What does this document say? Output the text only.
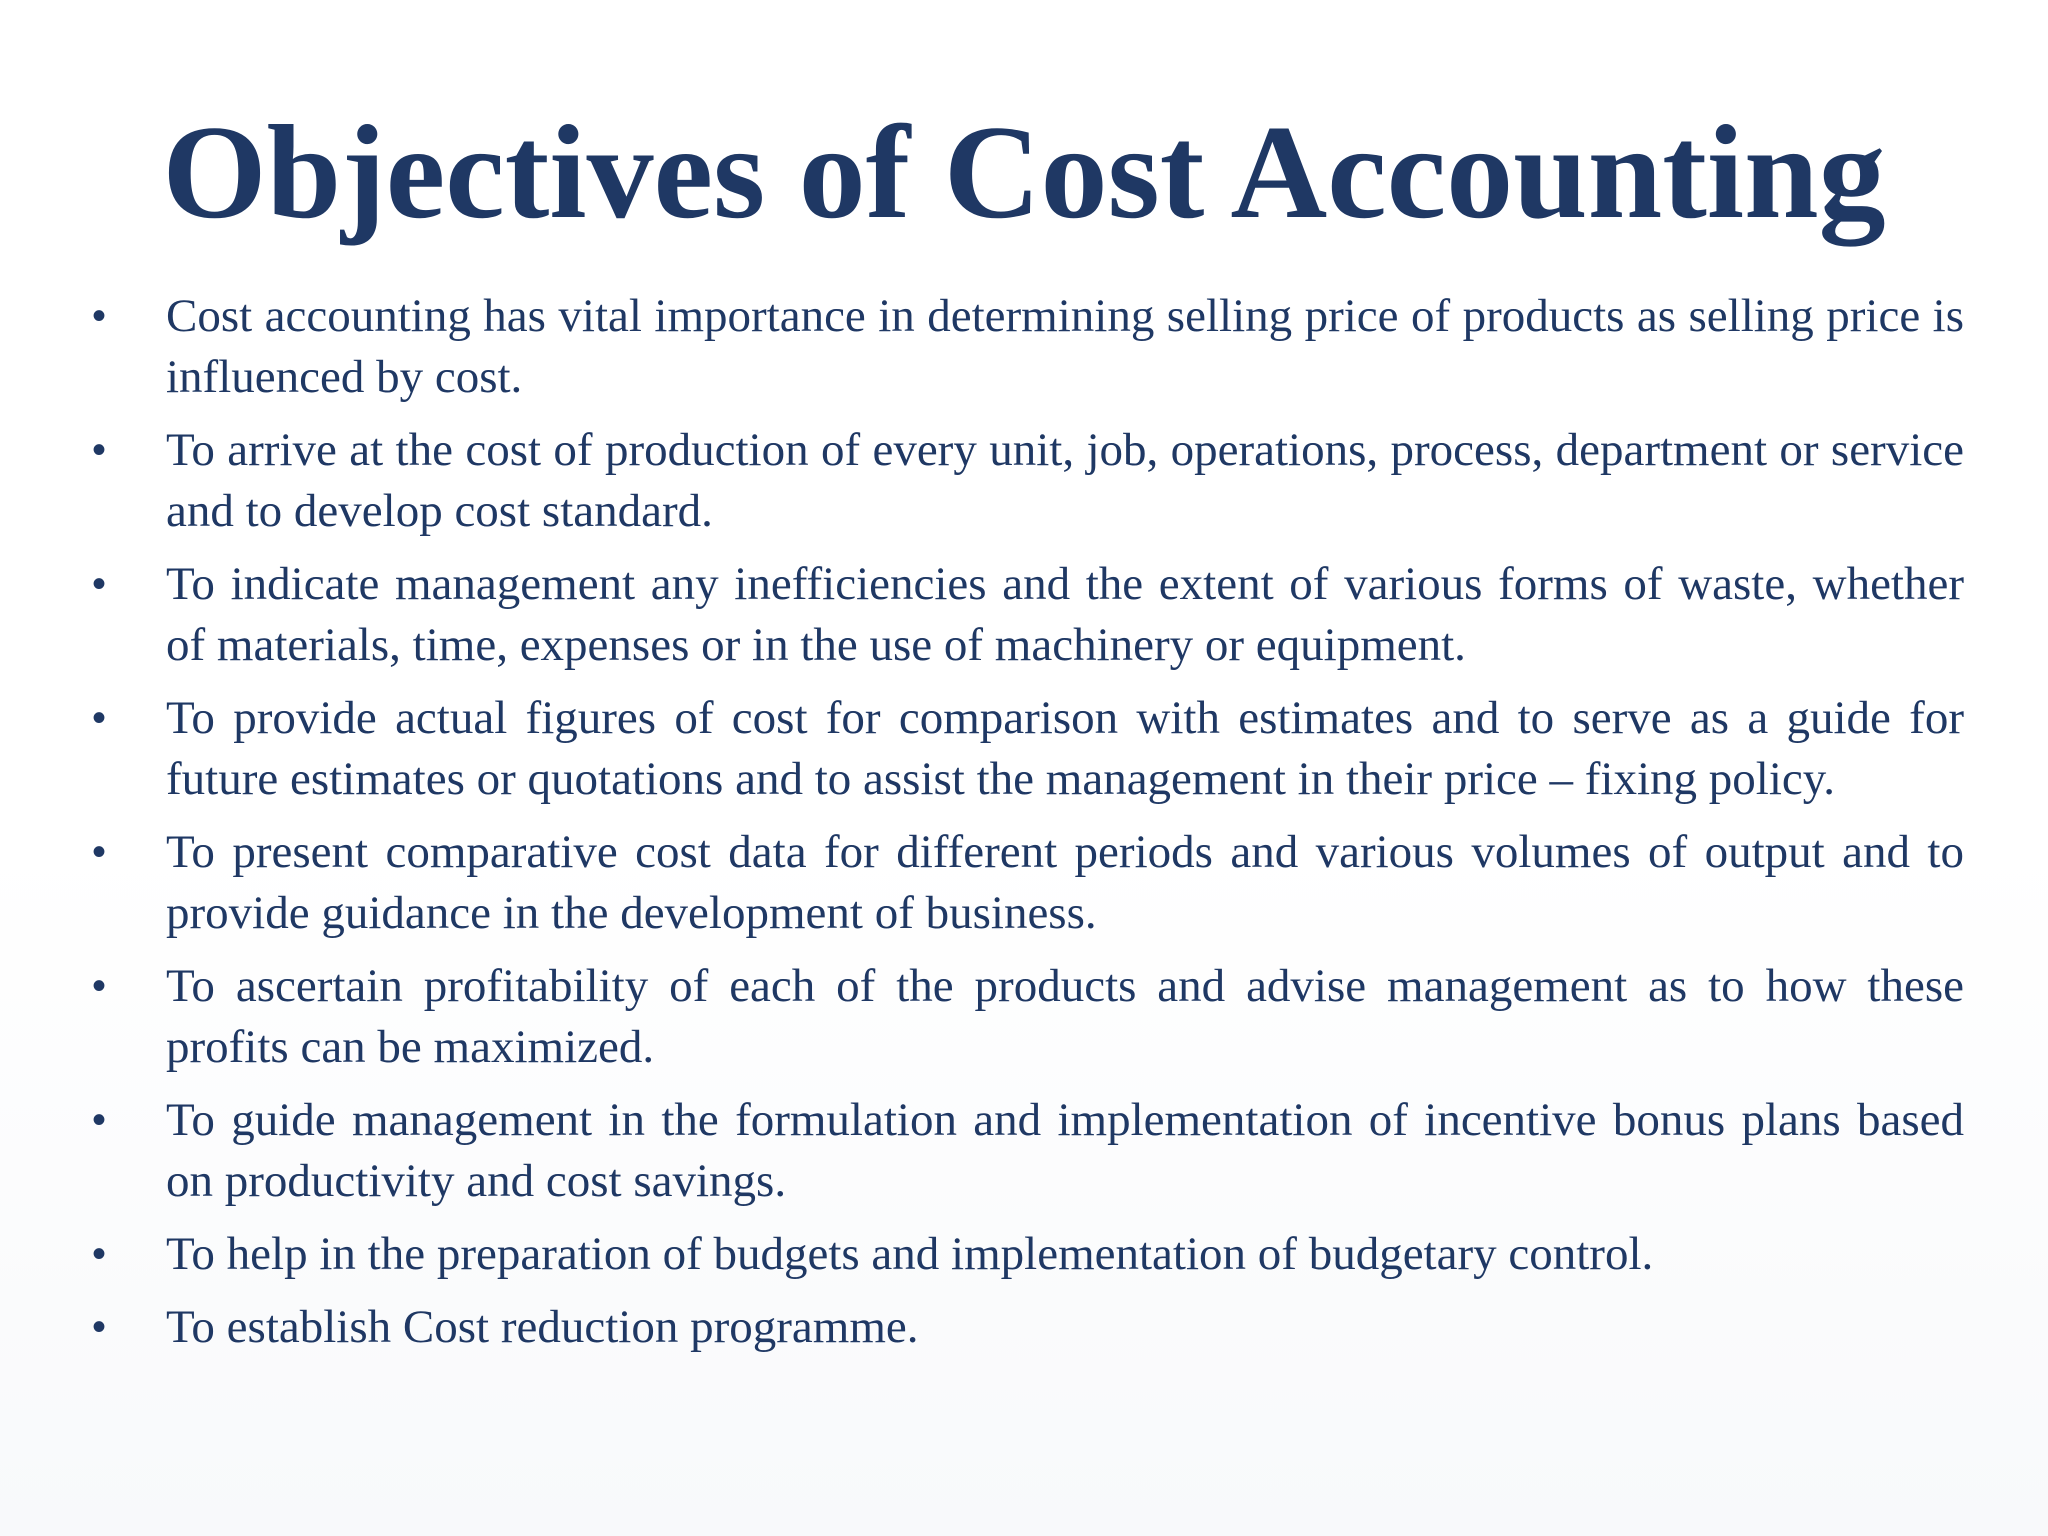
Objectives of Cost Accounting
• Cost accounting has vital importance in determining selling price of products as selling price is influenced by cost.
• To arrive at the cost of production of every unit, job, operations, process, department or service and to develop cost standard.
• To indicate management any inefficiencies and the extent of various forms of waste, whether of materials, time, expenses or in the use of machinery or equipment.
• To provide actual figures of cost for comparison with estimates and to serve as a guide for future estimates or quotations and to assist the management in their price – fixing policy.
• To present comparative cost data for different periods and various volumes of output and to provide guidance in the development of business.
• To ascertain profitability of each of the products and advise management as to how these profits can be maximized.
• To guide management in the formulation and implementation of incentive bonus plans based on productivity and cost savings.
• To help in the preparation of budgets and implementation of budgetary control.
• To establish Cost reduction programme.
